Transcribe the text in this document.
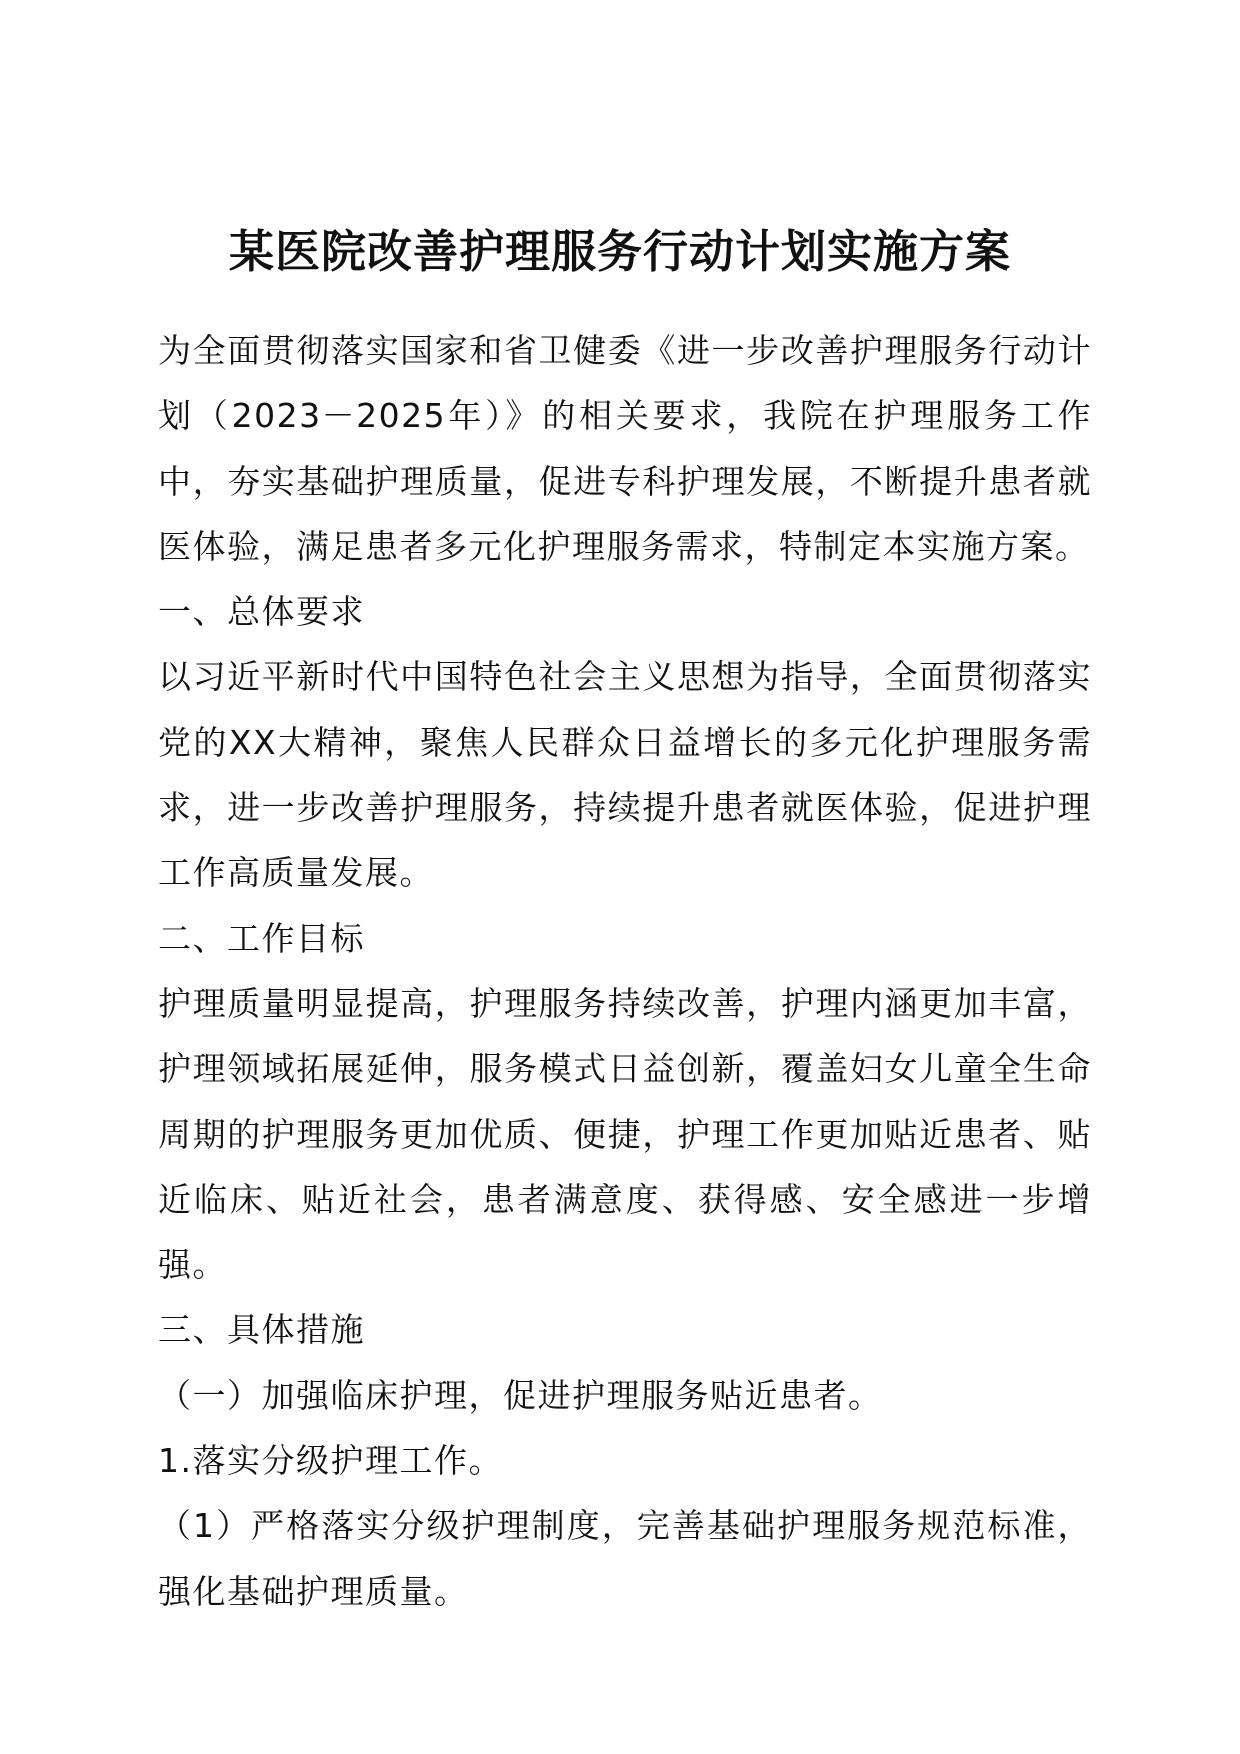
某医院改善护理服务行动计划实施方案

为全面贯彻落实国家和省卫健委《进一步改善护理服务行动计划（2023－2025年）》的相关要求，我院在护理服务工作中，夯实基础护理质量，促进专科护理发展，不断提升患者就医体验，满足患者多元化护理服务需求，特制定本实施方案。

一、总体要求

以习近平新时代中国特色社会主义思想为指导，全面贯彻落实党的XX大精神，聚焦人民群众日益增长的多元化护理服务需求，进一步改善护理服务，持续提升患者就医体验，促进护理工作高质量发展。

二、工作目标

护理质量明显提高，护理服务持续改善，护理内涵更加丰富，护理领域拓展延伸，服务模式日益创新，覆盖妇女儿童全生命周期的护理服务更加优质、便捷，护理工作更加贴近患者、贴近临床、贴近社会，患者满意度、获得感、安全感进一步增强。

三、具体措施

（一）加强临床护理，促进护理服务贴近患者。

1.落实分级护理工作。

（1）严格落实分级护理制度，完善基础护理服务规范标准，强化基础护理质量。
